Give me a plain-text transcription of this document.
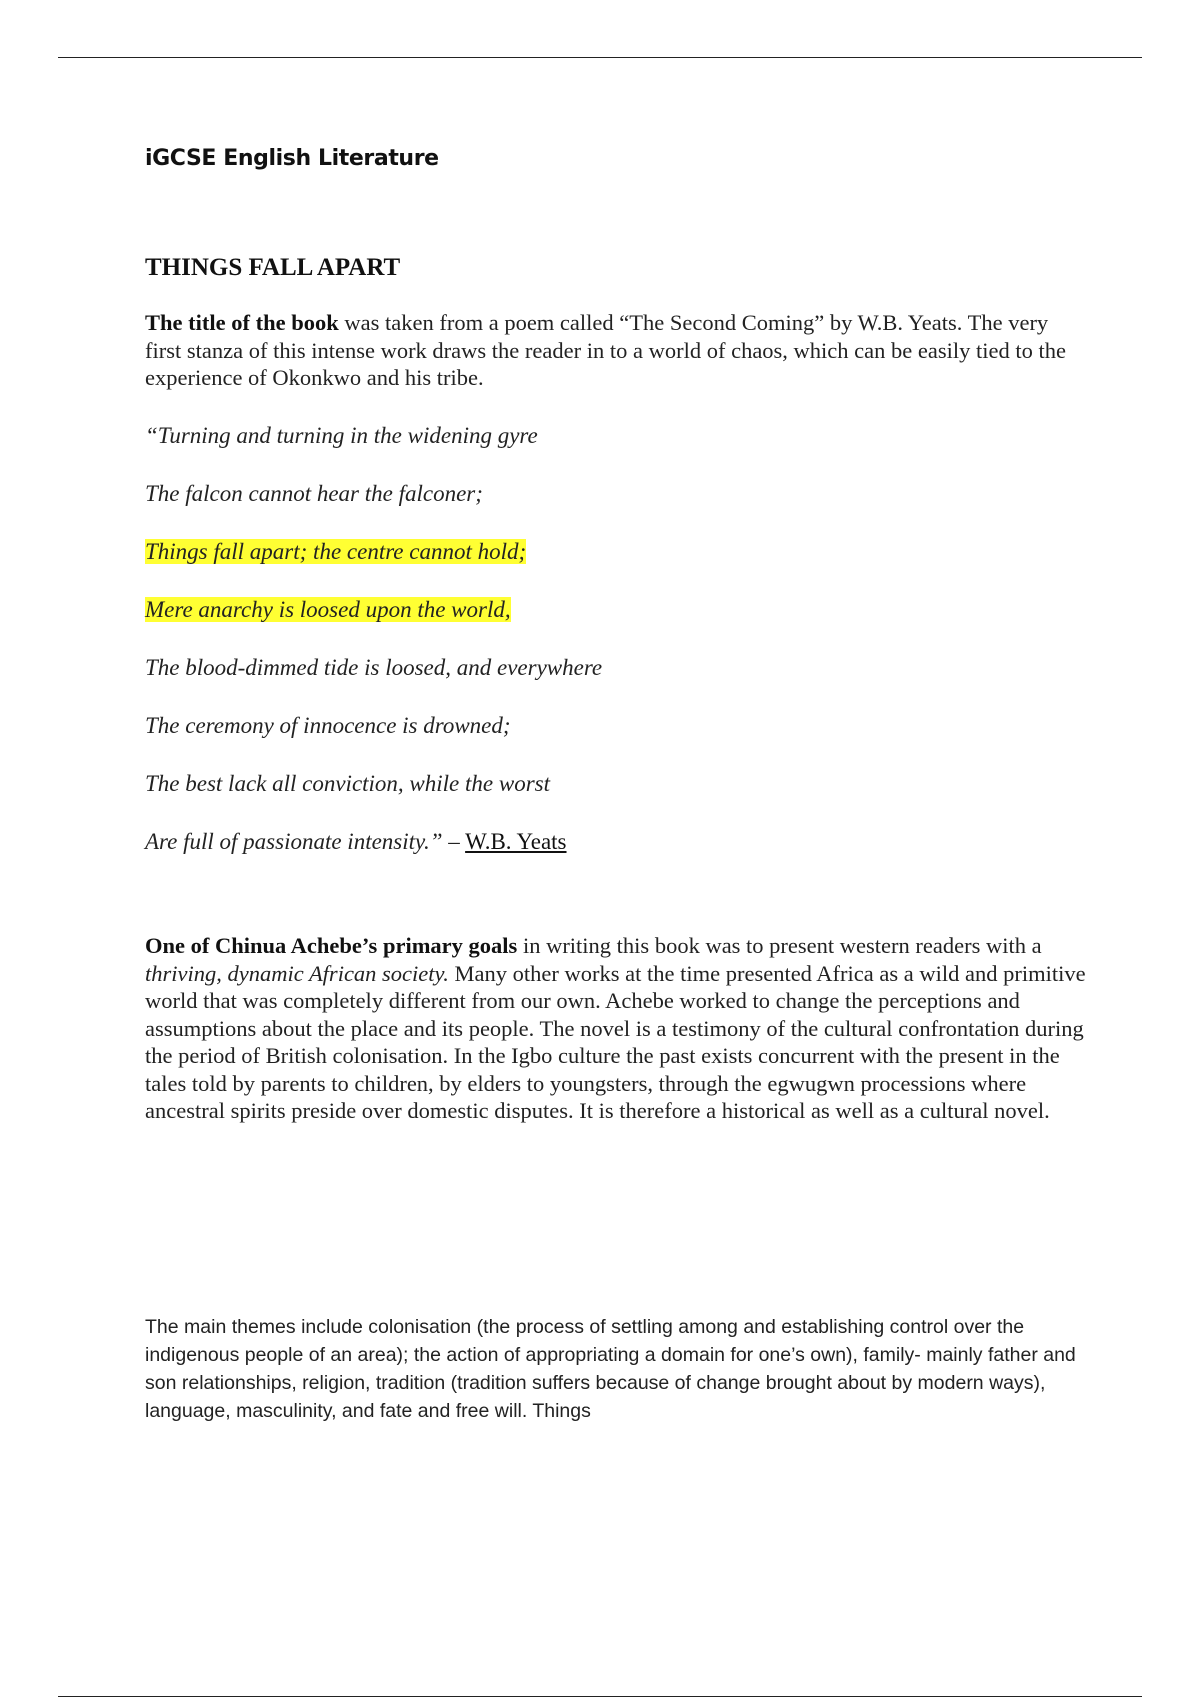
iGCSE English Literature

THINGS FALL APART

The title of the book was taken from a poem called “The Second Coming” by W.B. Yeats. The very first stanza of this intense work draws the reader in to a world of chaos, which can be easily tied to the experience of Okonkwo and his tribe.

“Turning and turning in the widening gyre

The falcon cannot hear the falconer;

Things fall apart; the centre cannot hold;

Mere anarchy is loosed upon the world,

The blood-dimmed tide is loosed, and everywhere

The ceremony of innocence is drowned;

The best lack all conviction, while the worst

Are full of passionate intensity.” – W.B. Yeats

One of Chinua Achebe’s primary goals in writing this book was to present western readers with a thriving, dynamic African society. Many other works at the time presented Africa as a wild and primitive world that was completely different from our own. Achebe worked to change the perceptions and assumptions about the place and its people. The novel is a testimony of the cultural confrontation during the period of British colonisation. In the Igbo culture the past exists concurrent with the present in the tales told by parents to children, by elders to youngsters, through the egwugwn processions where ancestral spirits preside over domestic disputes. It is therefore a historical as well as a cultural novel.

The main themes include colonisation (the process of settling among and establishing control over the indigenous people of an area); the action of appropriating a domain for one’s own), family- mainly father and son relationships, religion, tradition (tradition suffers because of change brought about by modern ways), language, masculinity, and fate and free will. Things
